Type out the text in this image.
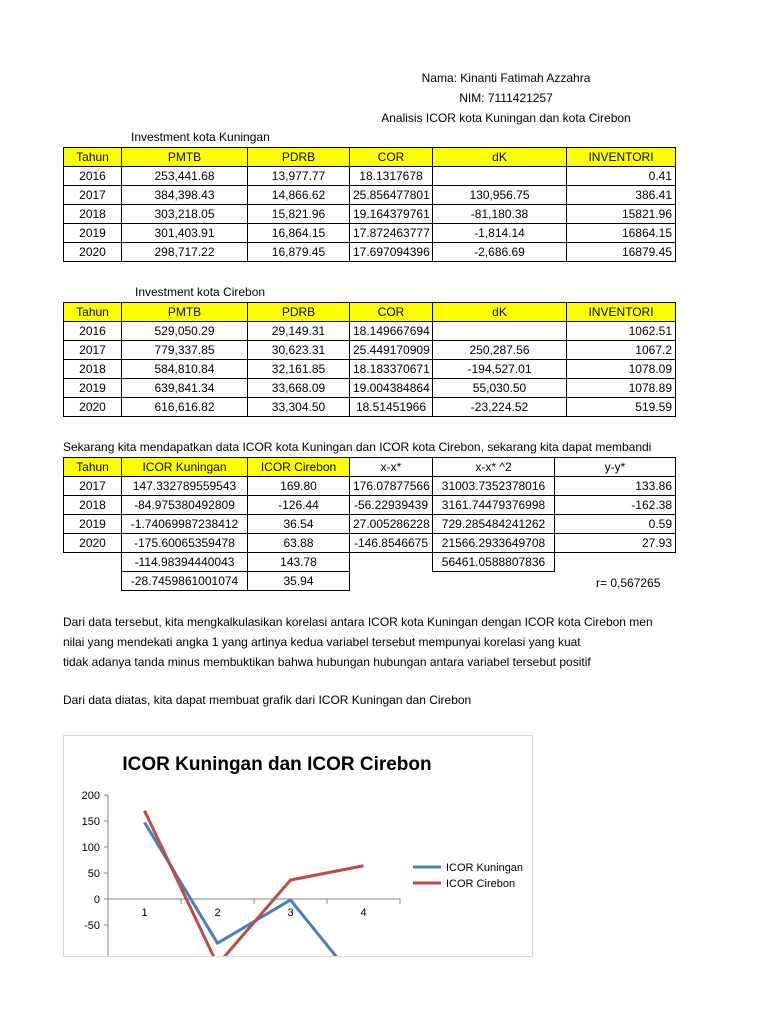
Nama: Kinanti Fatimah Azzahra
NIM: 7111421257
Analisis ICOR kota Kuningan dan kota Cirebon
Investment kota Kuningan
Tahun	PMTB	PDRB	COR	dK	INVENTORI
2016	253,441.68	13,977.77	18.1317678		0.41
2017	384,398.43	14,866.62	25.856477801	130,956.75	386.41
2018	303,218.05	15,821.96	19.164379761	-81,180.38	15821.96
2019	301,403.91	16,864.15	17.872463777	-1,814.14	16864.15
2020	298,717.22	16,879.45	17.697094396	-2,686.69	16879.45
Investment kota Cirebon
Tahun	PMTB	PDRB	COR	dK	INVENTORI
2016	529,050.29	29,149.31	18.149667694		1062.51
2017	779,337.85	30,623.31	25.449170909	250,287.56	1067.2
2018	584,810.84	32,161.85	18.183370671	-194,527.01	1078.09
2019	639,841.34	33,668.09	19.004384864	55,030.50	1078.89
2020	616,616.82	33,304.50	18.51451966	-23,224.52	519.59
Sekarang kita mendapatkan data ICOR kota Kuningan dan ICOR kota Cirebon, sekarang kita dapat membandi
Tahun	ICOR Kuningan	ICOR Cirebon	x-x*	x-x* ^2	y-y*
2017	147.332789559543	169.80	176.07877566	31003.7352378016	133.86
2018	-84.975380492809	-126.44	-56.22939439	3161.74479376998	-162.38
2019	-1.74069987238412	36.54	27.005286228	729.285484241262	0.59
2020	-175.60065359478	63.88	-146.8546675	21566.2933649708	27.93
	-114.98394440043	143.78		56461.0588807836	
	-28.7459861001074	35.94				r= 0,567265
Dari data tersebut, kita mengkalkulasikan korelasi antara ICOR kota Kuningan dengan ICOR kota Cirebon men
nilai yang mendekati angka 1 yang artinya kedua variabel tersebut mempunyai korelasi yang kuat
tidak adanya tanda minus membuktikan bahwa hubungan hubungan antara variabel tersebut positif
Dari data diatas, kita dapat membuat grafik dari ICOR Kuningan dan Cirebon
ICOR Kuningan dan ICOR Cirebon
200
150
100
50
0
-50
1	2	3	4
ICOR Kuningan
ICOR Cirebon
